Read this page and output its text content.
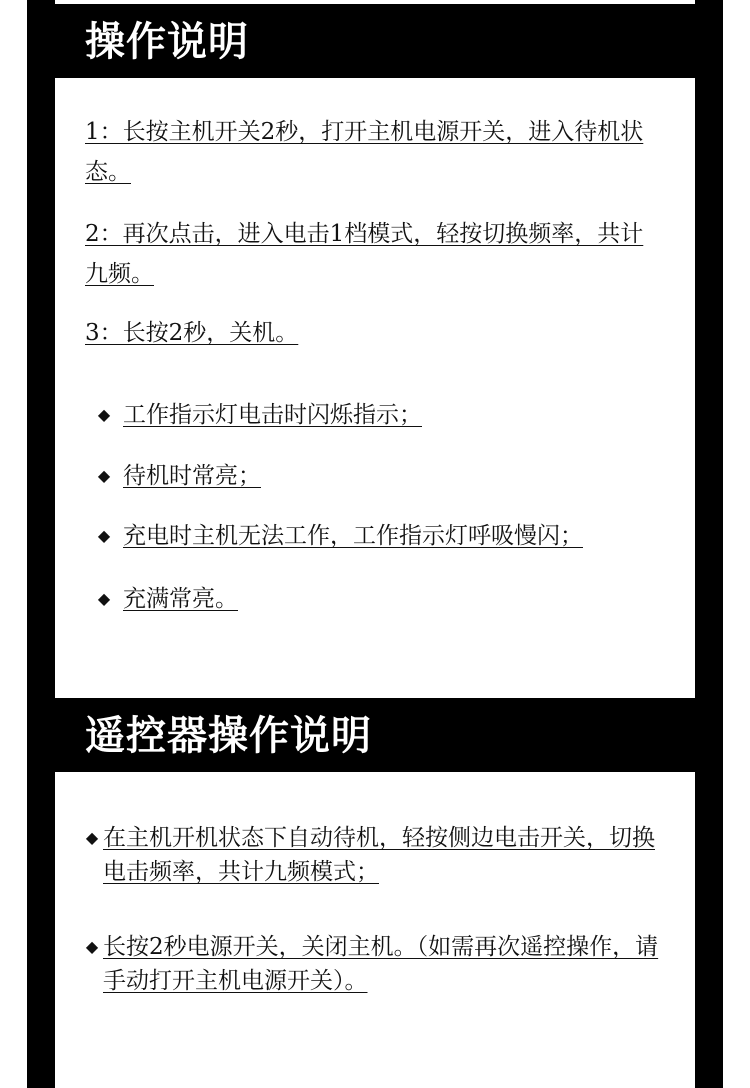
操作说明

1：长按主机开关2秒，打开主机电源开关，进入待机状态。

2：再次点击，进入电击1档模式，轻按切换频率，共计九频。

3：长按2秒，关机。

◆ 工作指示灯电击时闪烁指示；

◆ 待机时常亮；

◆ 充电时主机无法工作，工作指示灯呼吸慢闪；

◆ 充满常亮。

遥控器操作说明
◆ 在主机开机状态下自动待机，轻按侧边电击开关，切换电击频率，共计九频模式；
◆ 长按2秒电源开关，关闭主机。（如需再次遥控操作，请手动打开主机电源开关）。
